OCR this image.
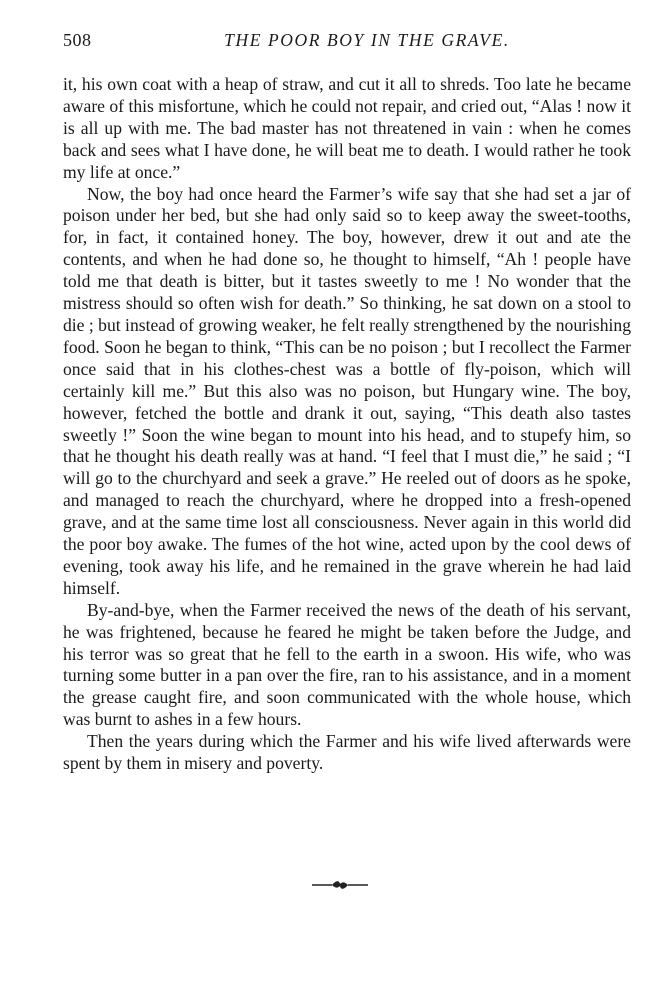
508	THE POOR BOY IN THE GRAVE.

it, his own coat with a heap of straw, and cut it all to shreds. Too late he became aware of this misfortune, which he could not repair, and cried out, “Alas ! now it is all up with me. The bad master has not threatened in vain : when he comes back and sees what I have done, he will beat me to death. I would rather he took my life at once.”

Now, the boy had once heard the Farmer’s wife say that she had set a jar of poison under her bed, but she had only said so to keep away the sweet-tooths, for, in fact, it contained honey. The boy, however, drew it out and ate the contents, and when he had done so, he thought to himself, “Ah ! people have told me that death is bitter, but it tastes sweetly to me ! No wonder that the mistress should so often wish for death.” So thinking, he sat down on a stool to die ; but instead of growing weaker, he felt really strengthened by the nourishing food. Soon he began to think, “This can be no poison ; but I recollect the Farmer once said that in his clothes-chest was a bottle of fly-poison, which will certainly kill me.” But this also was no poison, but Hungary wine. The boy, however, fetched the bottle and drank it out, saying, “This death also tastes sweetly !” Soon the wine began to mount into his head, and to stupefy him, so that he thought his death really was at hand. “I feel that I must die,” he said ; “I will go to the churchyard and seek a grave.” He reeled out of doors as he spoke, and managed to reach the churchyard, where he dropped into a fresh-opened grave, and at the same time lost all consciousness. Never again in this world did the poor boy awake. The fumes of the hot wine, acted upon by the cool dews of evening, took away his life, and he remained in the grave wherein he had laid himself.

By-and-bye, when the Farmer received the news of the death of his servant, he was frightened, because he feared he might be taken before the Judge, and his terror was so great that he fell to the earth in a swoon. His wife, who was turning some butter in a pan over the fire, ran to his assistance, and in a moment the grease caught fire, and soon communicated with the whole house, which was burnt to ashes in a few hours.

Then the years during which the Farmer and his wife lived afterwards were spent by them in misery and poverty.
